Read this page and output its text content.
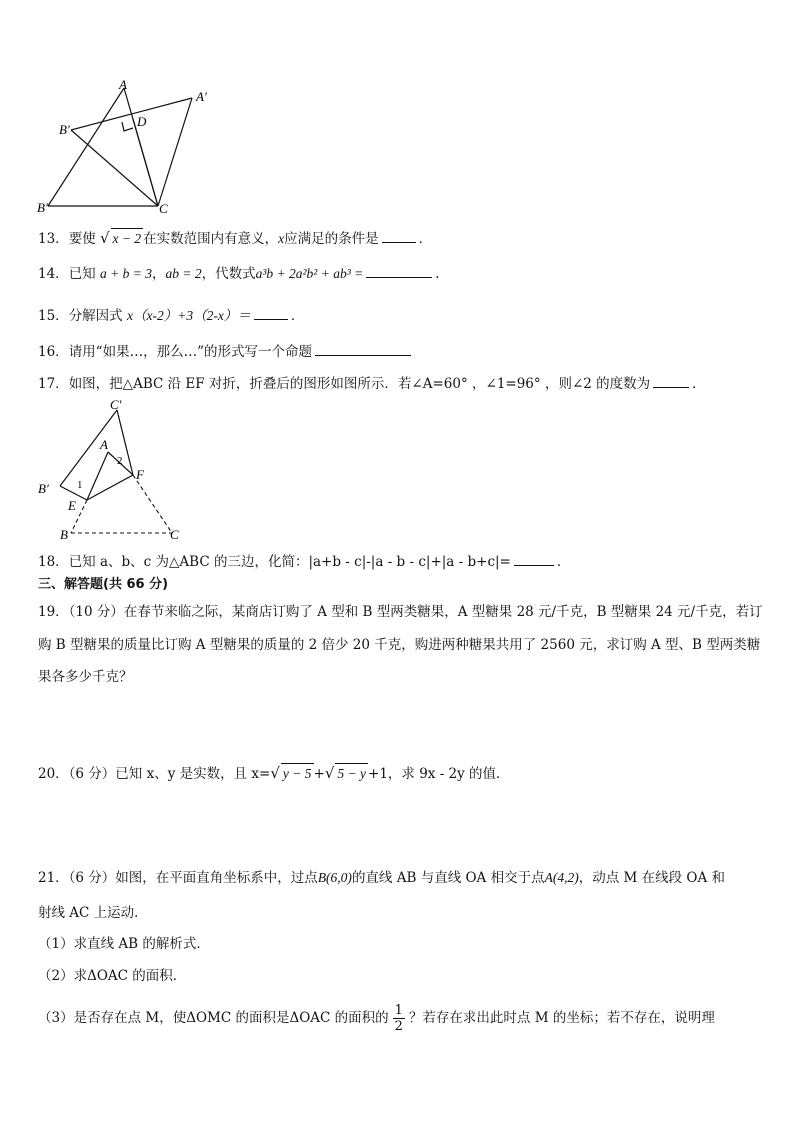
A
A′
B′
D
B′	C
13．要使 √ x − 2 在实数范围内有意义，x应满足的条件是	．
14．已知 a + b = 3，ab = 2，代数式a³b + 2a²b² + ab³ =	．
15．分解因式 x（x-2）+3（2-x）＝	．
16．请用“如果…，那么…”的形式写一个命题
17．如图，把△ABC 沿 EF 对折，折叠后的图形如图所示．若∠A=60° ，∠1=96° ，则∠2 的度数为	．
C′
A
2
F
B′	1
E
B	C
18．已知 a、b、c 为△ABC 的三边，化简：|a+b - c|-|a - b - c|+|a - b+c|=	．
三、解答题(共 66 分)
19．（10 分）在春节来临之际，某商店订购了 A 型和 B 型两类糖果，A 型糖果 28 元/千克，B 型糖果 24 元/千克，若订
购 B 型糖果的质量比订购 A 型糖果的质量的 2 倍少 20 千克，购进两种糖果共用了 2560 元，求订购 A 型、B 型两类糖
果各多少千克？
20．（6 分）已知 x、y 是实数，且 x=√ y − 5 +√ 5 − y +1，求 9x - 2y 的值．
21．（6 分）如图，在平面直角坐标系中，过点B(6,0)的直线 AB 与直线 OA 相交于点A(4,2)，动点 M 在线段 OA 和
射线 AC 上运动．
（1）求直线 AB 的解析式．
（2）求ΔOAC 的面积．
（3）是否存在点 M，使ΔOMC 的面积是ΔOAC 的面积的 $\frac{1}{2}$ ？若存在求出此时点 M 的坐标；若不存在，说明理
